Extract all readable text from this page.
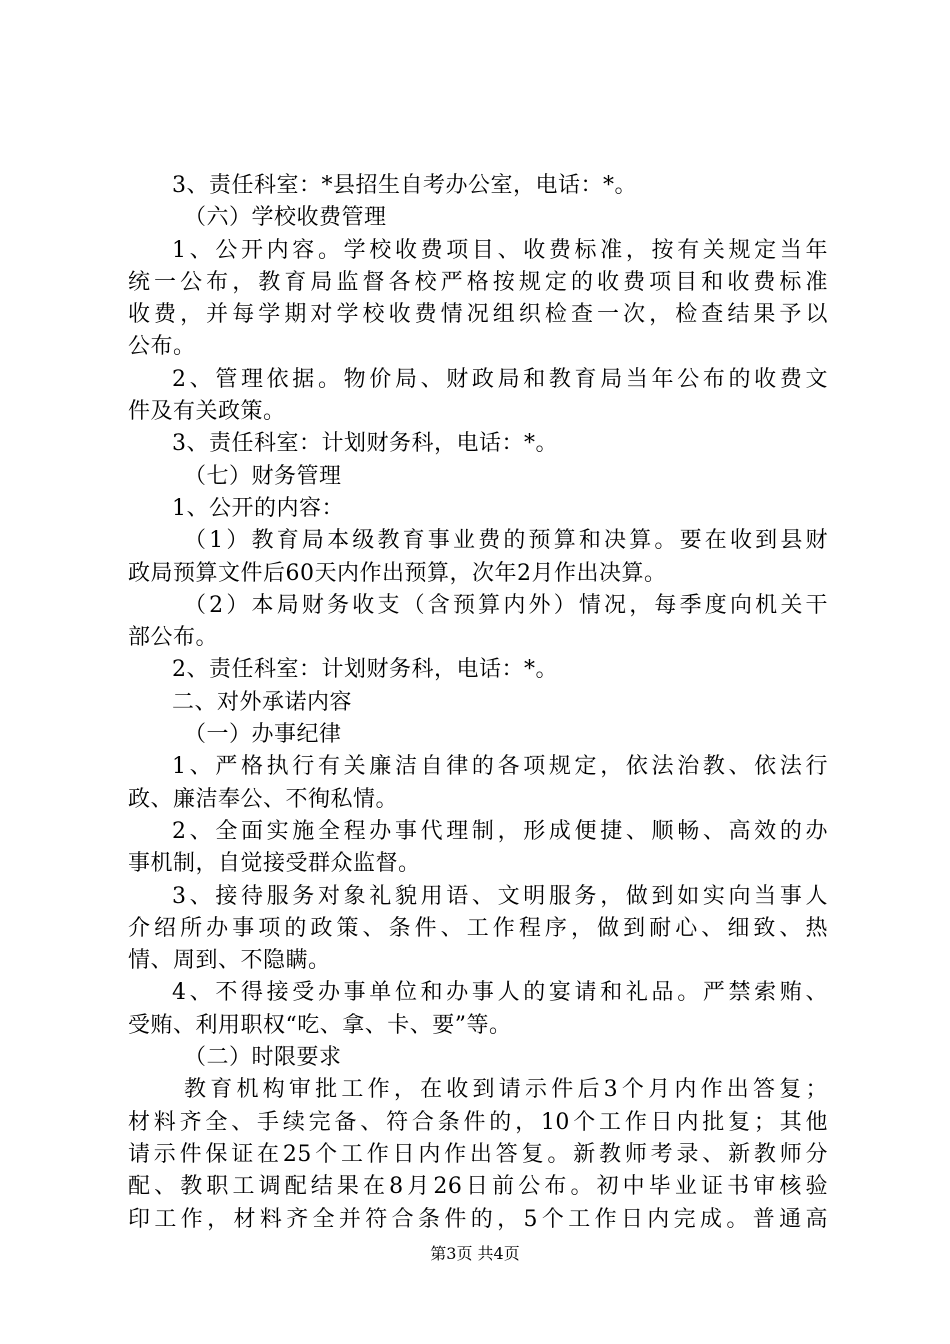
3、责任科室：*县招生自考办公室，电话：*。
（六）学校收费管理
1、公开内容。学校收费项目、收费标准，按有关规定当年
统一公布，教育局监督各校严格按规定的收费项目和收费标准
收费，并每学期对学校收费情况组织检查一次，检查结果予以
公布。
2、管理依据。物价局、财政局和教育局当年公布的收费文
件及有关政策。
3、责任科室：计划财务科，电话：*。
（七）财务管理
1、公开的内容：
（1）教育局本级教育事业费的预算和决算。要在收到县财
政局预算文件后60天内作出预算，次年2月作出决算。
（2）本局财务收支（含预算内外）情况，每季度向机关干
部公布。
2、责任科室：计划财务科，电话：*。
二、对外承诺内容
（一）办事纪律
1、严格执行有关廉洁自律的各项规定，依法治教、依法行
政、廉洁奉公、不徇私情。
2、全面实施全程办事代理制，形成便捷、顺畅、高效的办
事机制，自觉接受群众监督。
3、接待服务对象礼貌用语、文明服务，做到如实向当事人
介绍所办事项的政策、条件、工作程序，做到耐心、细致、热
情、周到、不隐瞒。
4、不得接受办事单位和办事人的宴请和礼品。严禁索贿、
受贿、利用职权“吃、拿、卡、要”等。
（二）时限要求
教育机构审批工作，在收到请示件后3个月内作出答复；
材料齐全、手续完备、符合条件的，10个工作日内批复；其他
请示件保证在25个工作日内作出答复。新教师考录、新教师分
配、教职工调配结果在8月26日前公布。初中毕业证书审核验
印工作，材料齐全并符合条件的，5个工作日内完成。普通高
第3页 共4页
